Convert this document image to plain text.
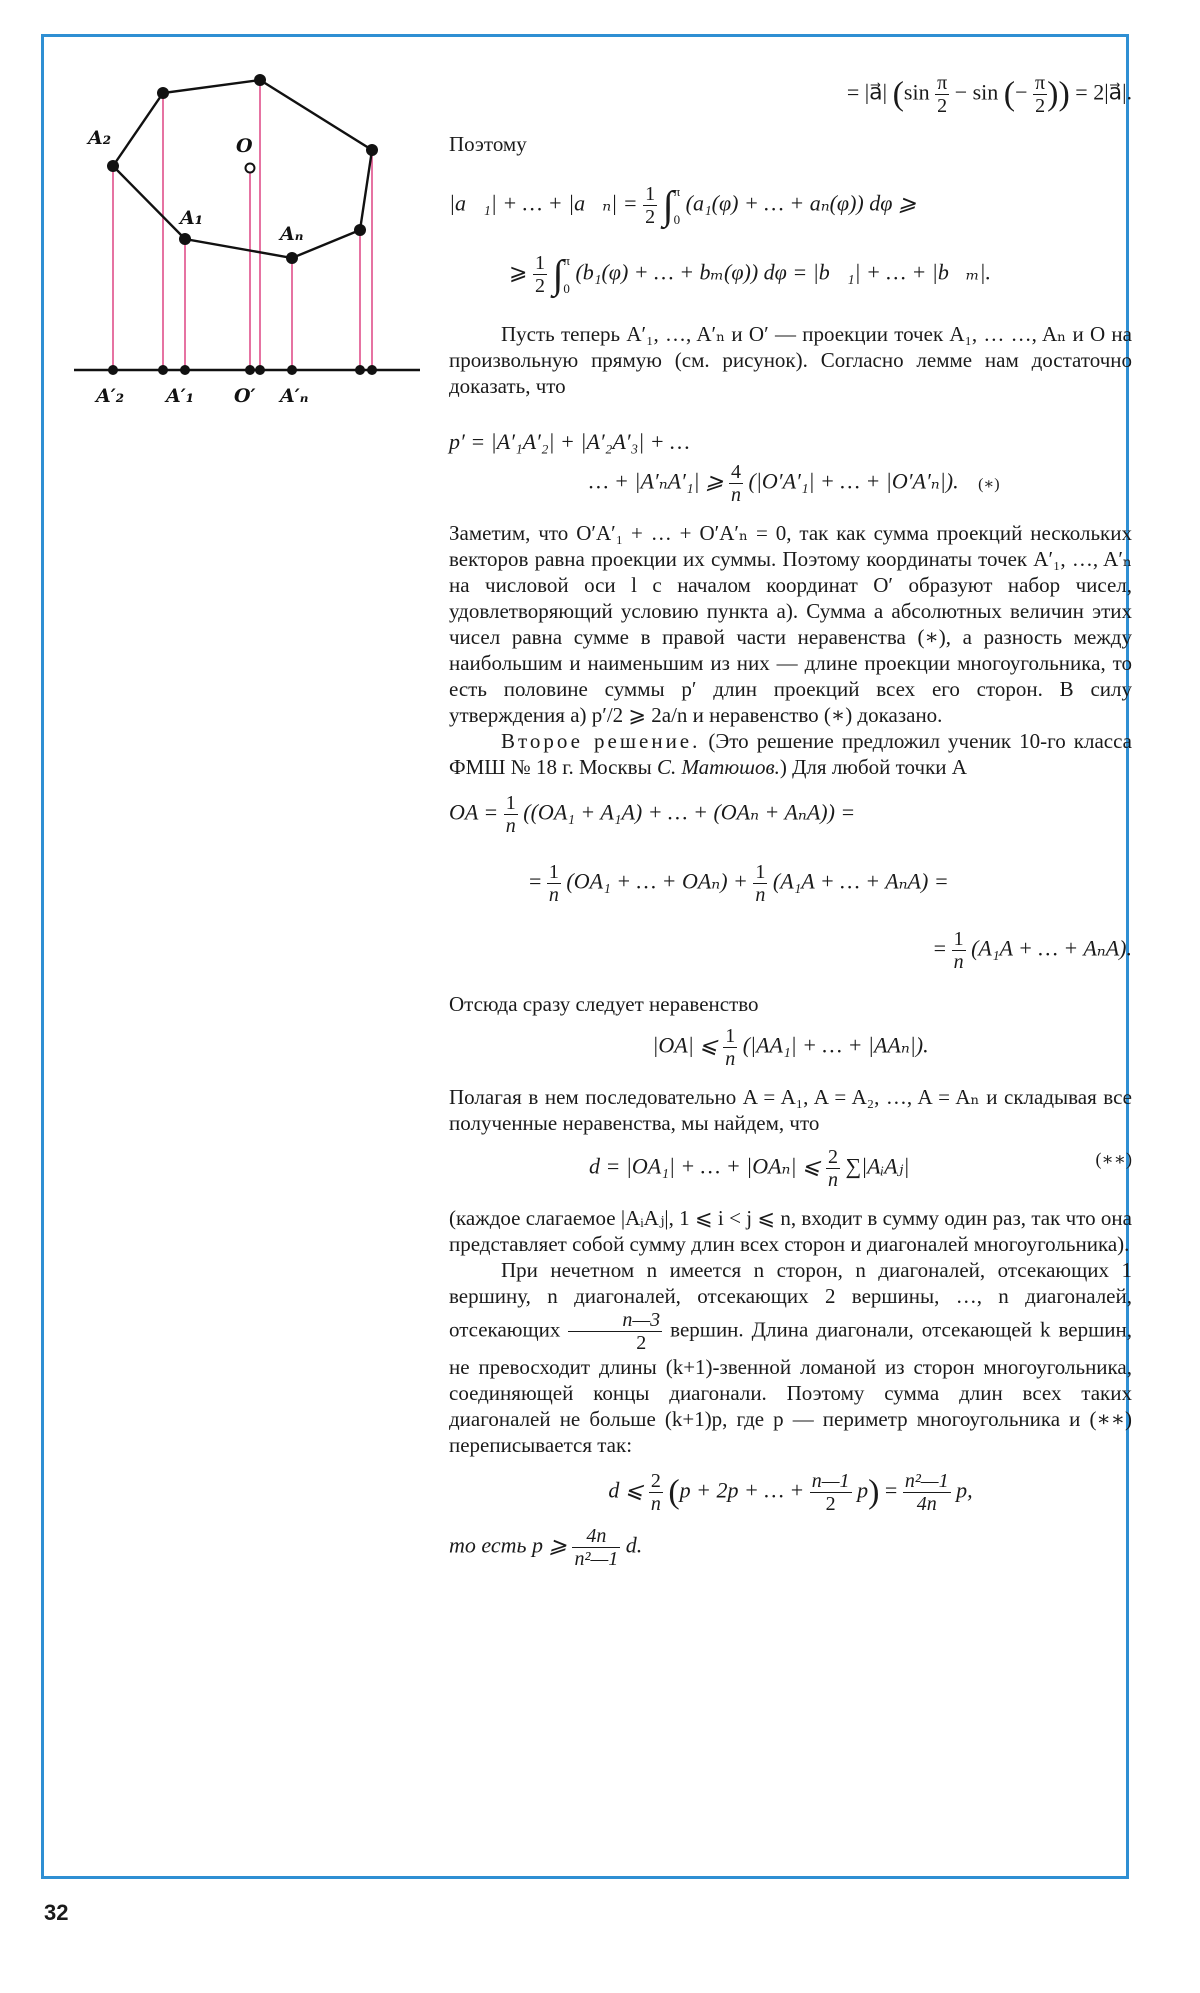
A₂
A₁
Aₙ
O
A′₂ A′₁ O′ A′ₙ

= |a⃗| ($\sin \frac{\pi}{2} - \sin$ (− $\frac{\pi}{2}$ )) = 2|a⃗|.

Поэтому

|a⃗₁| + … + |a⃗ₙ| = $\frac{1}{2} \int\pi$

0 (a₁(φ) + … + aₙ(φ)) dφ ⩾

⩾ $\frac{1}{2} \int\pi$

0 (b₁(φ) + … + bₘ(φ)) dφ = |b⃗₁| + … + |b⃗ₘ|.

Пусть теперь A′₁, …, A′ₙ и O′ — проекции точек A₁, … …, Aₙ и O на произвольную прямую (см. рисунок). Согласно лемме нам достаточно доказать, что

p′ = |A′₁A′₂| + |A′₂A′₃| + …

… + |A′ₙA′₁| ⩾ $\frac{4}{n} (|O'A'_1|$ + … + |O′A′ₙ|). (∗)

Заметим, что O′A′₁ + … + O′A′ₙ = 0, так как сумма проекций нескольких векторов равна проекции их суммы. Поэтому координаты точек A′₁, …, A′ₙ на числовой оси l с началом координат O′ образуют набор чисел, удовлетворяющий условию пункта а). Сумма a абсолютных величин этих чисел равна сумме в правой части неравенства (∗), а разность между наибольшим и наименьшим из них — длине проекции многоугольника, то есть половине суммы p′ длин проекций всех его сторон. В силу утверждения а) p′/2 ⩾ 2a/n и неравенство (∗) доказано.

Второе решение. (Это решение предложил ученик 10-го класса ФМШ № 18 г. Москвы С. Матюшов.) Для любой точки A

OA = $\frac{1}{n} ((OA_1 + A_1A)$ + … + (OAₙ + AₙA)) =

= $\frac{1}{n} (OA_1$ + … + $OA_n) + \frac{1}{n} (A_1A$ + … + AₙA) =

= $\frac{1}{n} (A_1A$ + … + AₙA).

Отсюда сразу следует неравенство

|OA| ⩽ $\frac{1}{n} (|AA_1|$ + … + |AAₙ|).

Полагая в нем последовательно A = A₁, A = A₂, …, A = Aₙ и складывая все полученные неравенства, мы найдем, что

d = |OA₁| + … + |OAₙ| ⩽ $\frac{2}{n}$ ∑|AᵢAⱼ|	(∗∗)

(каждое слагаемое |AᵢAⱼ|, 1 ⩽ i < j ⩽ n, входит в сумму один раз, так что она представляет собой сумму длин всех сторон и диагоналей многоугольника).

При нечетном n имеется n сторон, n диагоналей, отсекающих 1 вершину, n диагоналей, отсекающих 2 вершины, …, n диагоналей, отсекающих $\frac{n—3}{2}$ вершин. Длина диагонали, отсекающей k вершин, не превосходит длины (k+1)-звенной ломаной из сторон многоугольника, соединяющей концы диагонали. Поэтому сумма длин всех таких диагоналей не больше (k+1)p, где p — периметр многоугольника и (∗∗) переписывается так:

d ⩽ $\frac{2}{n} (p + 2p$ + … + $\frac{n—1}{2} p) = \frac{\text{n²—1}}{4n} p$,

то есть p ⩾ $\frac{4n}{\text{n²—1}} d$.

32
